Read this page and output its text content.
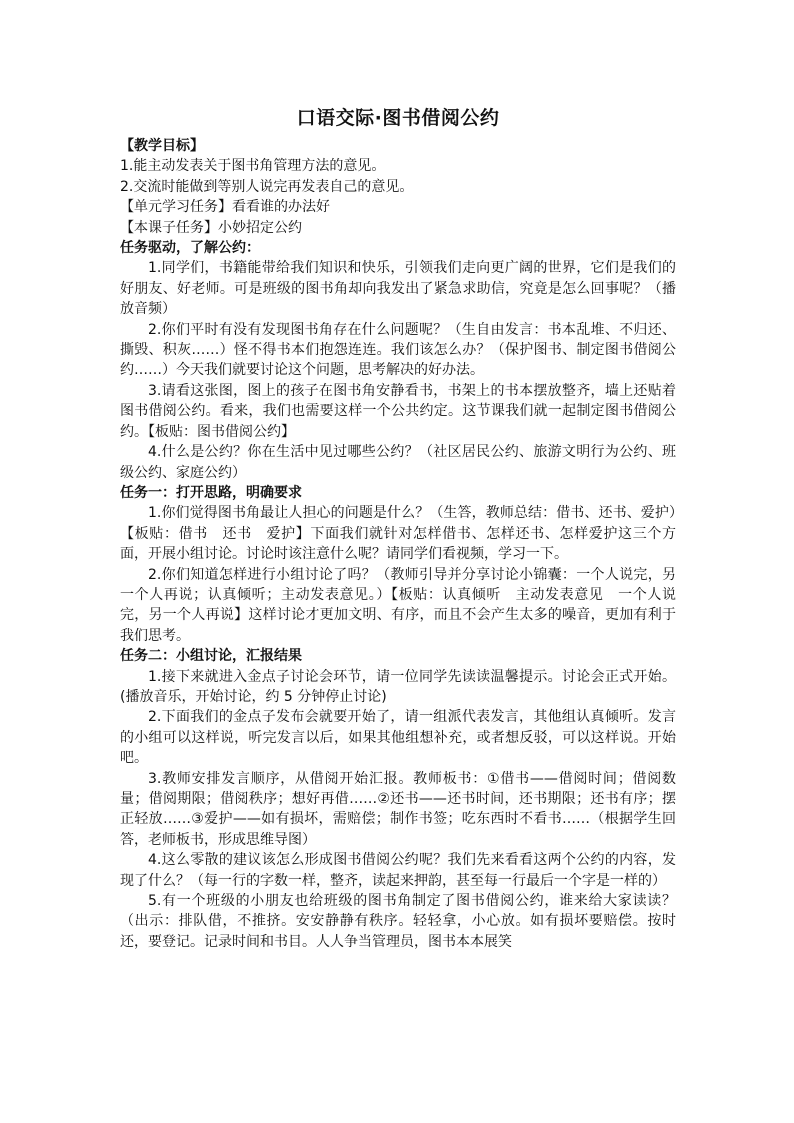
口语交际·图书借阅公约

【教学目标】

1.能主动发表关于图书角管理方法的意见。

2.交流时能做到等别人说完再发表自己的意见。

【单元学习任务】看看谁的办法好

【本课子任务】小妙招定公约

任务驱动，了解公约：

1.同学们，书籍能带给我们知识和快乐，引领我们走向更广阔的世界，它们是我们的好朋友、好老师。可是班级的图书角却向我发出了紧急求助信，究竟是怎么回事呢？（播放音频）

2.你们平时有没有发现图书角存在什么问题呢？（生自由发言：书本乱堆、不归还、撕毁、积灰……）怪不得书本们抱怨连连。我们该怎么办？（保护图书、制定图书借阅公约……）今天我们就要讨论这个问题，思考解决的好办法。

3.请看这张图，图上的孩子在图书角安静看书，书架上的书本摆放整齐，墙上还贴着图书借阅公约。看来，我们也需要这样一个公共约定。这节课我们就一起制定图书借阅公约。【板贴：图书借阅公约】

4.什么是公约？你在生活中见过哪些公约？（社区居民公约、旅游文明行为公约、班级公约、家庭公约）

任务一：打开思路，明确要求

1.你们觉得图书角最让人担心的问题是什么？（生答，教师总结：借书、还书、爱护）【板贴：借书　还书　爱护】下面我们就针对怎样借书、怎样还书、怎样爱护这三个方面，开展小组讨论。讨论时该注意什么呢？请同学们看视频，学习一下。

2.你们知道怎样进行小组讨论了吗？（教师引导并分享讨论小锦囊：一个人说完，另一个人再说；认真倾听；主动发表意见。）【板贴：认真倾听　主动发表意见　一个人说完，另一个人再说】这样讨论才更加文明、有序，而且不会产生太多的噪音，更加有利于我们思考。

任务二：小组讨论，汇报结果

1.接下来就进入金点子讨论会环节，请一位同学先读读温馨提示。讨论会正式开始。(播放音乐，开始讨论，约 5 分钟停止讨论)

2.下面我们的金点子发布会就要开始了，请一组派代表发言，其他组认真倾听。发言的小组可以这样说，听完发言以后，如果其他组想补充，或者想反驳，可以这样说。开始吧。

3.教师安排发言顺序，从借阅开始汇报。教师板书：①借书——借阅时间；借阅数量；借阅期限；借阅秩序；想好再借……②还书——还书时间，还书期限；还书有序；摆正轻放……③爱护——如有损坏，需赔偿；制作书签；吃东西时不看书……（根据学生回答，老师板书，形成思维导图）

4.这么零散的建议该怎么形成图书借阅公约呢？我们先来看看这两个公约的内容，发现了什么？（每一行的字数一样，整齐，读起来押韵，甚至每一行最后一个字是一样的）

5.有一个班级的小朋友也给班级的图书角制定了图书借阅公约，谁来给大家读读？（出示：排队借，不推挤。安安静静有秩序。轻轻拿，小心放。如有损坏要赔偿。按时还，要登记。记录时间和书目。人人争当管理员，图书本本展笑
